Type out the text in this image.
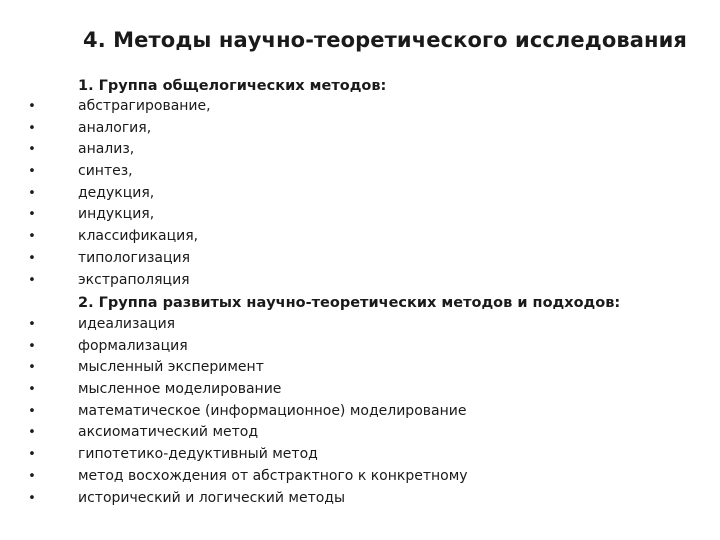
4. Методы научно-теоретического исследования
1. Группа общелогических методов:
•	абстрагирование,
•	аналогия,
•	анализ,
•	синтез,
•	дедукция,
•	индукция,
•	классификация,
•	типологизация
•	экстраполяция
2. Группа развитых научно-теоретических методов и подходов:
•	идеализация
•	формализация
•	мысленный эксперимент
•	мысленное моделирование
•	математическое (информационное) моделирование
•	аксиоматический метод
•	гипотетико-дедуктивный метод
•	метод восхождения от абстрактного к конкретному
•	исторический и логический методы
